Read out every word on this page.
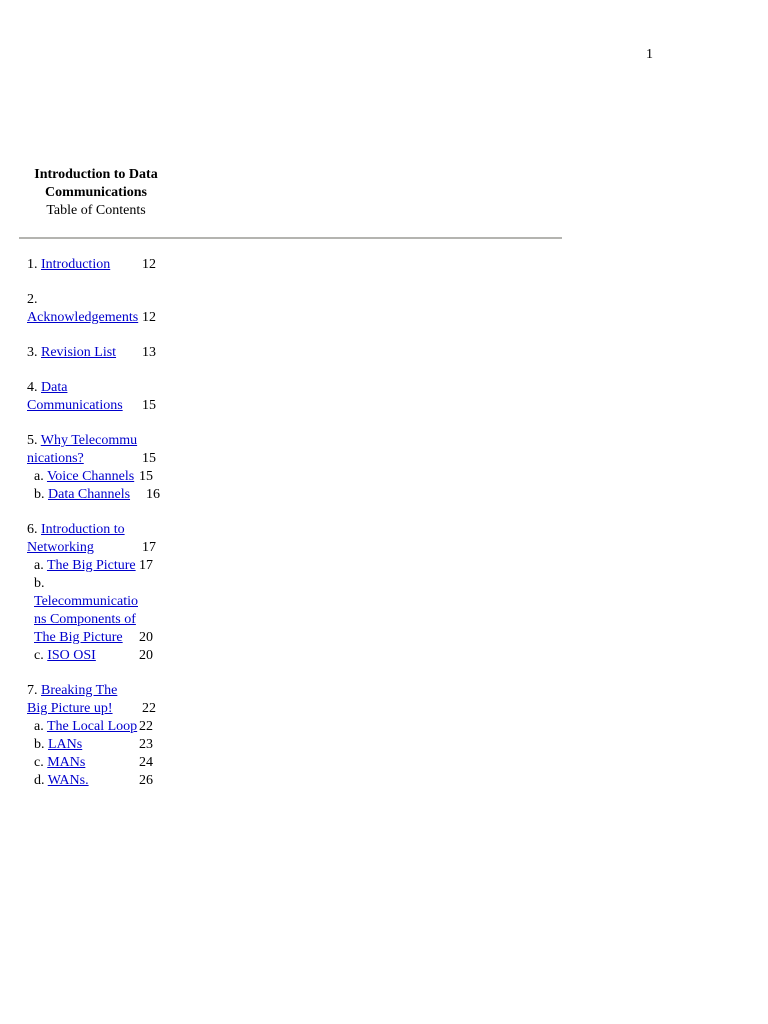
1
Introduction to Data
Communications
Table of Contents
1. Introduction	12
2.
Acknowledgements 12
3. Revision List	13
4. Data Communications	15
5. Why Telecommunications?	15
a. Voice Channels 15
b. Data Channels	16
6. Introduction to Networking	17
a. The Big Picture 17
b.
Telecommunications Components of The Big Picture	20
c. ISO OSI	20
7. Breaking The Big Picture up!	22
a. The Local Loop 22
b. LANs	23
c. MANs	24
d. WANs.	26
